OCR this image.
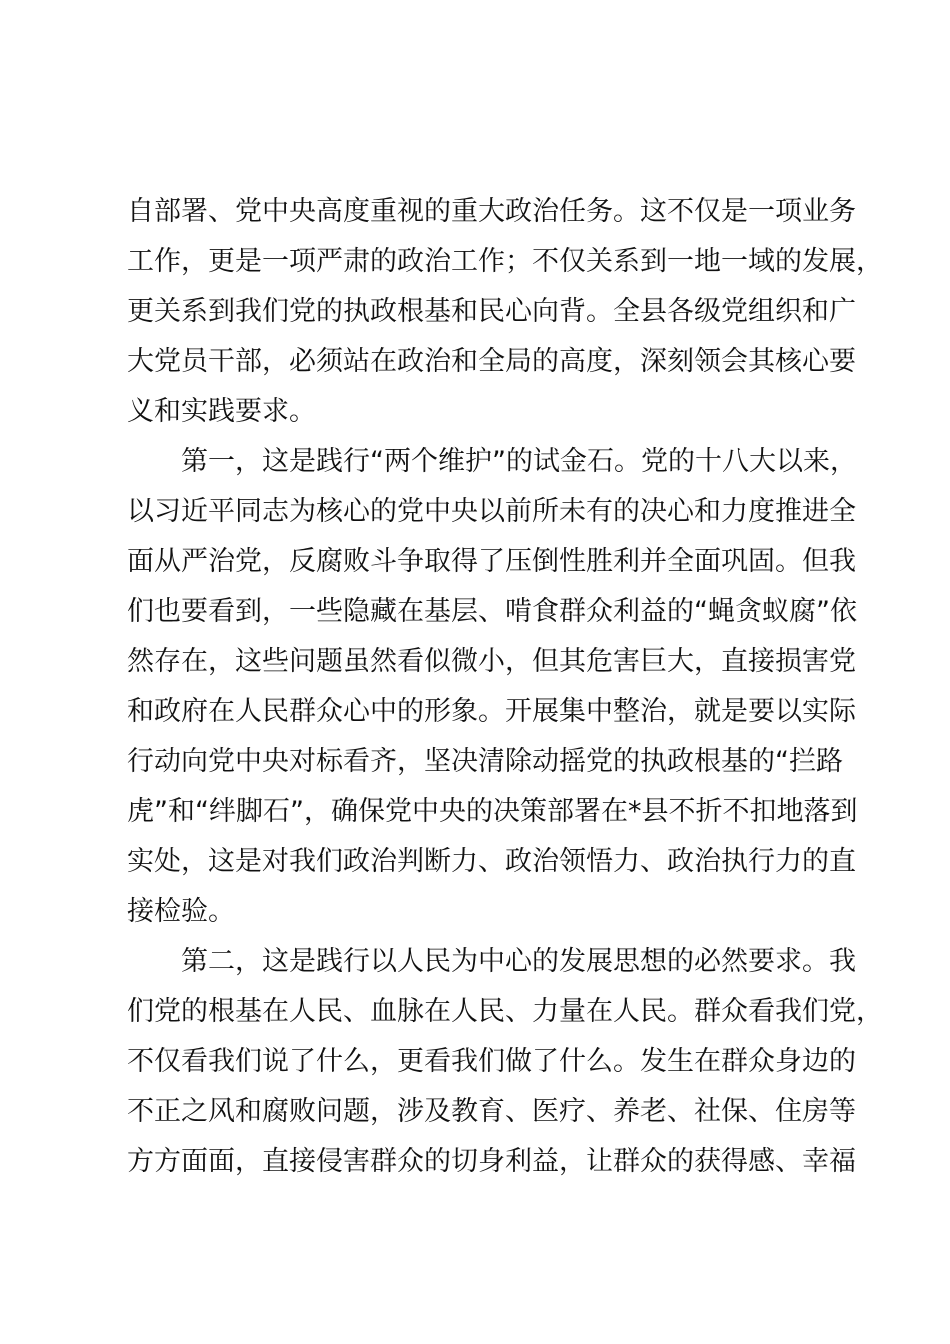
自部署、党中央高度重视的重大政治任务。这不仅是一项业务
工作，更是一项严肃的政治工作；不仅关系到一地一域的发展，
更关系到我们党的执政根基和民心向背。全县各级党组织和广
大党员干部，必须站在政治和全局的高度，深刻领会其核心要
义和实践要求。
第一，这是践行“两个维护”的试金石。党的十八大以来，
以习近平同志为核心的党中央以前所未有的决心和力度推进全
面从严治党，反腐败斗争取得了压倒性胜利并全面巩固。但我
们也要看到，一些隐藏在基层、啃食群众利益的“蝇贪蚁腐”依
然存在，这些问题虽然看似微小，但其危害巨大，直接损害党
和政府在人民群众心中的形象。开展集中整治，就是要以实际
行动向党中央对标看齐，坚决清除动摇党的执政根基的“拦路
虎”和“绊脚石”，确保党中央的决策部署在*县不折不扣地落到
实处，这是对我们政治判断力、政治领悟力、政治执行力的直
接检验。
第二，这是践行以人民为中心的发展思想的必然要求。我
们党的根基在人民、血脉在人民、力量在人民。群众看我们党，
不仅看我们说了什么，更看我们做了什么。发生在群众身边的
不正之风和腐败问题，涉及教育、医疗、养老、社保、住房等
方方面面，直接侵害群众的切身利益，让群众的获得感、幸福
